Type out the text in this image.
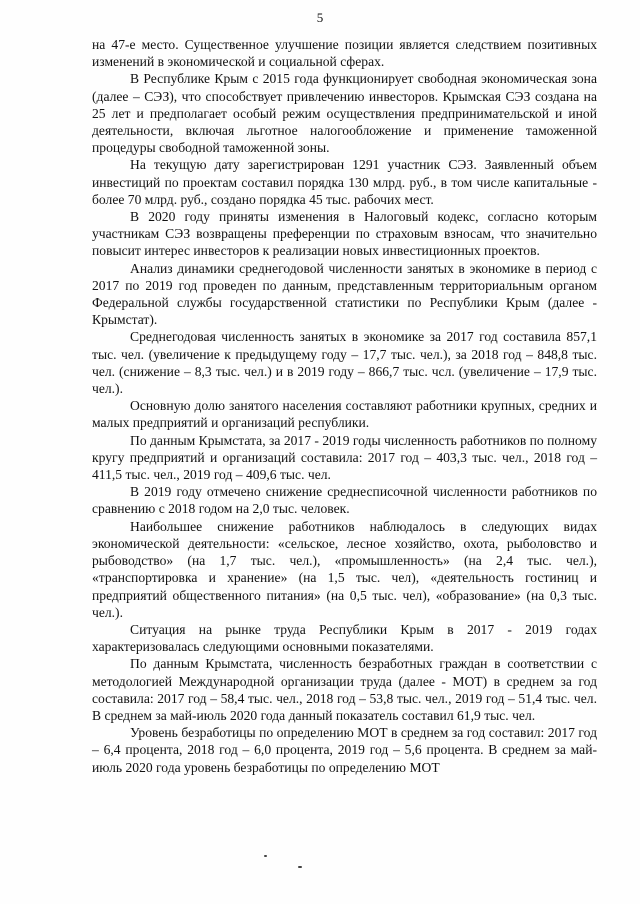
5

на 47-е место. Существенное улучшение позиции является следствием позитивных изменений в экономической и социальной сферах.

В Республике Крым с 2015 года функционирует свободная экономическая зона (далее – СЭЗ), что способствует привлечению инвесторов. Крымская СЭЗ создана на 25 лет и предполагает особый режим осуществления предпринимательской и иной деятельности, включая льготное налогообложение и применение таможенной процедуры свободной таможенной зоны.

На текущую дату зарегистрирован 1291 участник СЭЗ. Заявленный объем инвестиций по проектам составил порядка 130 млрд. руб., в том числе капитальные - более 70 млрд. руб., создано порядка 45 тыс. рабочих мест.

В 2020 году приняты изменения в Налоговый кодекс, согласно которым участникам СЭЗ возвращены преференции по страховым взносам, что значительно повысит интерес инвесторов к реализации новых инвестиционных проектов.

Анализ динамики среднегодовой численности занятых в экономике в период с 2017 по 2019 год проведен по данным, представленным территориальным органом Федеральной службы государственной статистики по Республики Крым (далее - Крымстат).

Среднегодовая численность занятых в экономике за 2017 год составила 857,1 тыс. чел. (увеличение к предыдущему году – 17,7 тыс. чел.), за 2018 год – 848,8 тыс. чел. (снижение – 8,3 тыс. чел.) и в 2019 году – 866,7 тыс. чсл. (увеличение – 17,9 тыс. чел.).

Основную долю занятого населения составляют работники крупных, средних и малых предприятий и организаций республики.

По данным Крымстата, за 2017 - 2019 годы численность работников по полному кругу предприятий и организаций составила: 2017 год – 403,3 тыс. чел., 2018 год – 411,5 тыс. чел., 2019 год – 409,6 тыс. чел.

В 2019 году отмечено снижение среднесписочной численности работников по сравнению с 2018 годом на 2,0 тыс. человек.

Наибольшее снижение работников наблюдалось в следующих видах экономической деятельности: «сельское, лесное хозяйство, охота, рыболовство и рыбоводство» (на 1,7 тыс. чел.), «промышленность» (на 2,4 тыс. чел.), «транспортировка и хранение» (на 1,5 тыс. чел), «деятельность гостиниц и предприятий общественного питания» (на 0,5 тыс. чел), «образование» (на 0,3 тыс. чел.).

Ситуация на рынке труда Республики Крым в 2017 - 2019 годах характеризовалась следующими основными показателями.

По данным Крымстата, численность безработных граждан в соответствии с методологией Международной организации труда (далее - МОТ) в среднем за год составила: 2017 год – 58,4 тыс. чел., 2018 год – 53,8 тыс. чел., 2019 год – 51,4 тыс. чел. В среднем за май-июль 2020 года данный показатель составил 61,9 тыс. чел.

Уровень безработицы по определению МОТ в среднем за год составил: 2017 год – 6,4 процента, 2018 год – 6,0 процента, 2019 год – 5,6 процента. В среднем за май-июль 2020 года уровень безработицы по определению МОТ
